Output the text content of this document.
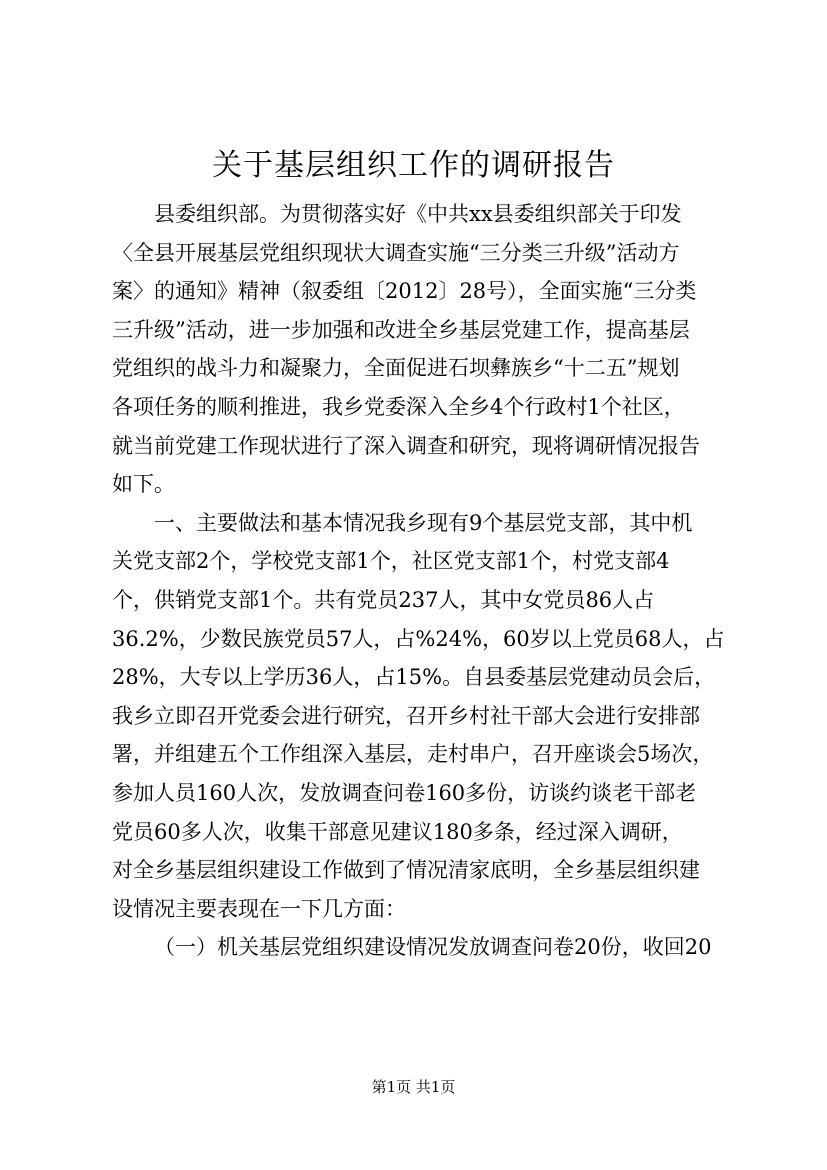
关于基层组织工作的调研报告
县委组织部。为贯彻落实好《中共xx县委组织部关于印发
〈全县开展基层党组织现状大调查实施“三分类三升级”活动方
案〉的通知》精神（叙委组〔2012〕28号），全面实施“三分类
三升级”活动，进一步加强和改进全乡基层党建工作，提高基层
党组织的战斗力和凝聚力，全面促进石坝彝族乡“十二五”规划
各项任务的顺利推进，我乡党委深入全乡4个行政村1个社区，
就当前党建工作现状进行了深入调查和研究，现将调研情况报告
如下。
一、主要做法和基本情况我乡现有9个基层党支部，其中机
关党支部2个，学校党支部1个，社区党支部1个，村党支部4
个，供销党支部1个。共有党员237人，其中女党员86人占
36.2%，少数民族党员57人，占%24%，60岁以上党员68人，占
28%，大专以上学历36人，占15%。自县委基层党建动员会后，
我乡立即召开党委会进行研究，召开乡村社干部大会进行安排部
署，并组建五个工作组深入基层，走村串户，召开座谈会5场次，
参加人员160人次，发放调查问卷160多份，访谈约谈老干部老
党员60多人次，收集干部意见建议180多条，经过深入调研，
对全乡基层组织建设工作做到了情况清家底明，全乡基层组织建
设情况主要表现在一下几方面：
（一）机关基层党组织建设情况发放调查问卷20份，收回20
第1页 共1页
